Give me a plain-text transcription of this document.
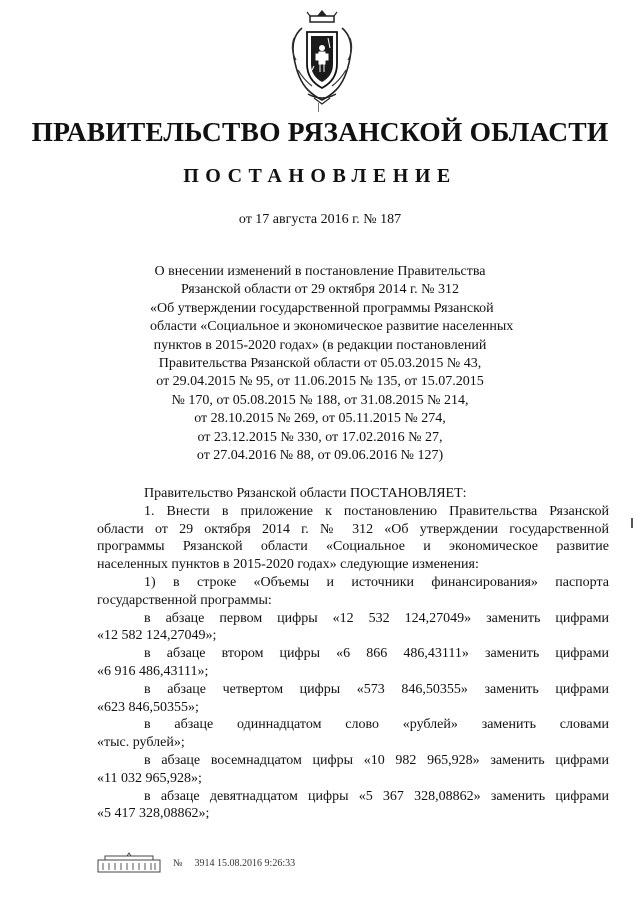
ПРАВИТЕЛЬСТВО РЯЗАНСКОЙ ОБЛАСТИ
ПОСТАНОВЛЕНИЕ
от 17 августа 2016 г. № 187
О внесении изменений в постановление Правительства
Рязанской области от 29 октября 2014 г. № 312
«Об утверждении государственной программы Рязанской
области «Социальное и экономическое развитие населенных
пунктов в 2015-2020 годах» (в редакции постановлений
Правительства Рязанской области от 05.03.2015 № 43,
от 29.04.2015 № 95, от 11.06.2015 № 135, от 15.07.2015
№ 170, от 05.08.2015 № 188, от 31.08.2015 № 214,
от 28.10.2015 № 269, от 05.11.2015 № 274,
от 23.12.2015 № 330, от 17.02.2016 № 27,
от 27.04.2016 № 88, от 09.06.2016 № 127)
Правительство Рязанской области ПОСТАНОВЛЯЕТ:
1. Внести в приложение к постановлению Правительства Рязанской
области от 29 октября 2014 г. № 312 «Об утверждении государственной
программы Рязанской области «Социальное и экономическое развитие
населенных пунктов в 2015-2020 годах» следующие изменения:
1) в строке «Объемы и источники финансирования» паспорта
государственной программы:
в абзаце первом цифры «12 532 124,27049» заменить цифрами
«12 582 124,27049»;
в абзаце втором цифры «6 866 486,43111» заменить цифрами
«6 916 486,43111»;
в абзаце четвертом цифры «573 846,50355» заменить цифрами
«623 846,50355»;
в абзаце одиннадцатом слово «рублей» заменить словами
«тыс. рублей»;
в абзаце восемнадцатом цифры «10 982 965,928» заменить цифрами
«11 032 965,928»;
в абзаце девятнадцатом цифры «5 367 328,08862» заменить цифрами
«5 417 328,08862»;
№ 3914 15.08.2016 9:26:33
